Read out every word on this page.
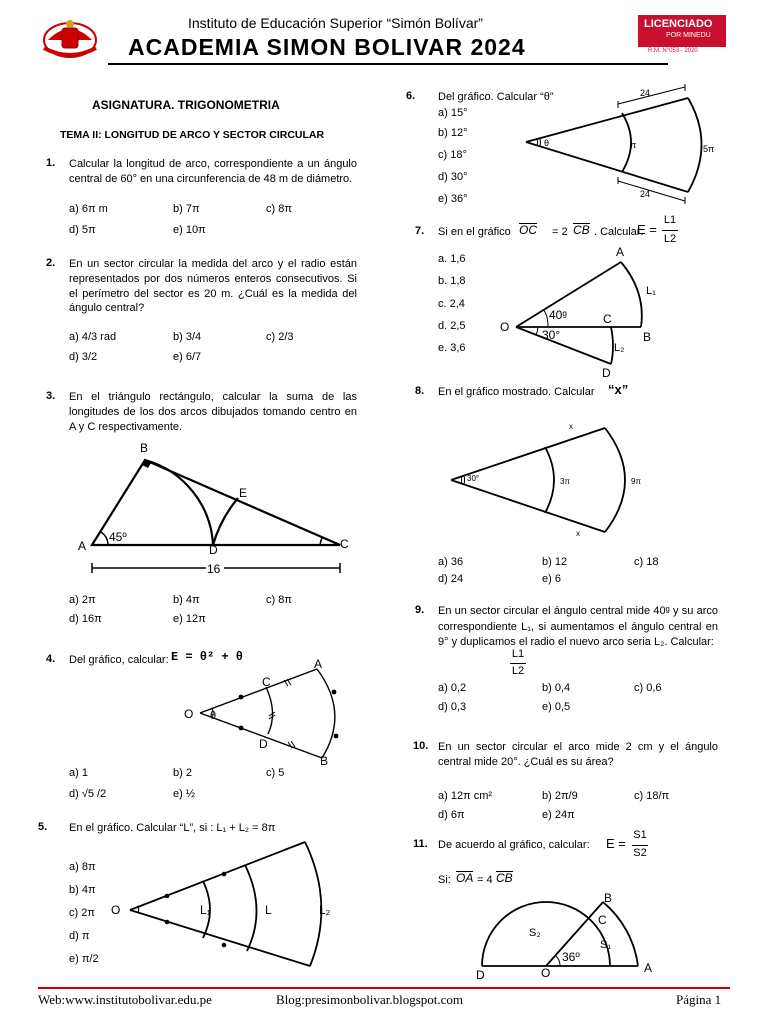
Instituto de Educación Superior “Simón Bolívar”
ACADEMIA SIMON BOLIVAR 2024
LICENCIADO
POR MINEDU
R.M. N°053 - 2020
ASIGNATURA. TRIGONOMETRIA
TEMA II: LONGITUD DE ARCO Y SECTOR CIRCULAR
1. Calcular la longitud de arco, correspondiente a un ángulo central de 60° en una circunferencia de 48 m de diámetro.
a) 6π m	b) 7π	c) 8π
d) 5π	e) 10π
2. En un sector circular la medida del arco y el radio están representados por dos números enteros consecutivos. Si el perímetro del sector es 20 m. ¿Cuál es la medida del ángulo central?
a) 4/3 rad	b) 3/4	c) 2/3
d) 3/2	e) 6/7
3. En el triángulo rectángulo, calcular la suma de las longitudes de los dos arcos dibujados tomando centro en A y C respectivamente.
B
E
A	D	C
45º
16
a) 2π	b) 4π	c) 8π
d) 16π	e) 12π
4. Del gráfico, calcular: E = θ² + θ	A
C
O θ
D
B
a) 1	b) 2	c) 5
d) √5 /2	e) ½
5. En el gráfico. Calcular “L”, si : L₁ + L₂ = 8π
a) 8π
b) 4π
c) 2π
d) π
e) π/2
O	L₁	L	L₂
6. Del gráfico. Calcular “θ”
a) 15°
b) 12°
c) 18°
d) 30°
e) 36°
24
24
π	5π
θ
7. Si en el gráfico OC = 2 CB . Calcular:
E =
L1
L2
a. 1,6
b. 1,8
c. 2,4
d. 2,5
e. 3,6
A
L₁
40ᵍ	C
O
30°	B
L₂
D
8. En el gráfico mostrado. Calcular “x”
x
x
30°	3π	9π
a) 36	b) 12	c) 18
d) 24	e) 6
9. En un sector circular el ángulo central mide 40ᵍ y su arco correspondiente L₁, si aumentamos el ángulo central en 9° y duplicamos el radio el nuevo arco seria L₂. Calcular:
L1
L2
a) 0,2	b) 0,4	c) 0,6
d) 0,3	e) 0,5
10. En un sector circular el arco mide 2 cm y el ángulo central mide 20°. ¿Cuál es su área?
a) 12π cm²	b) 2π/9	c) 18/π
d) 6π	e) 24π
11. De acuerdo al gráfico, calcular: E =
S1
S2
Si: OA = 4 CB
B
C
S₂
S₁
D	O
36º
A
Web:www.institutobolivar.edu.pe	Blog:presimonbolivar.blogspot.com	Página 1
